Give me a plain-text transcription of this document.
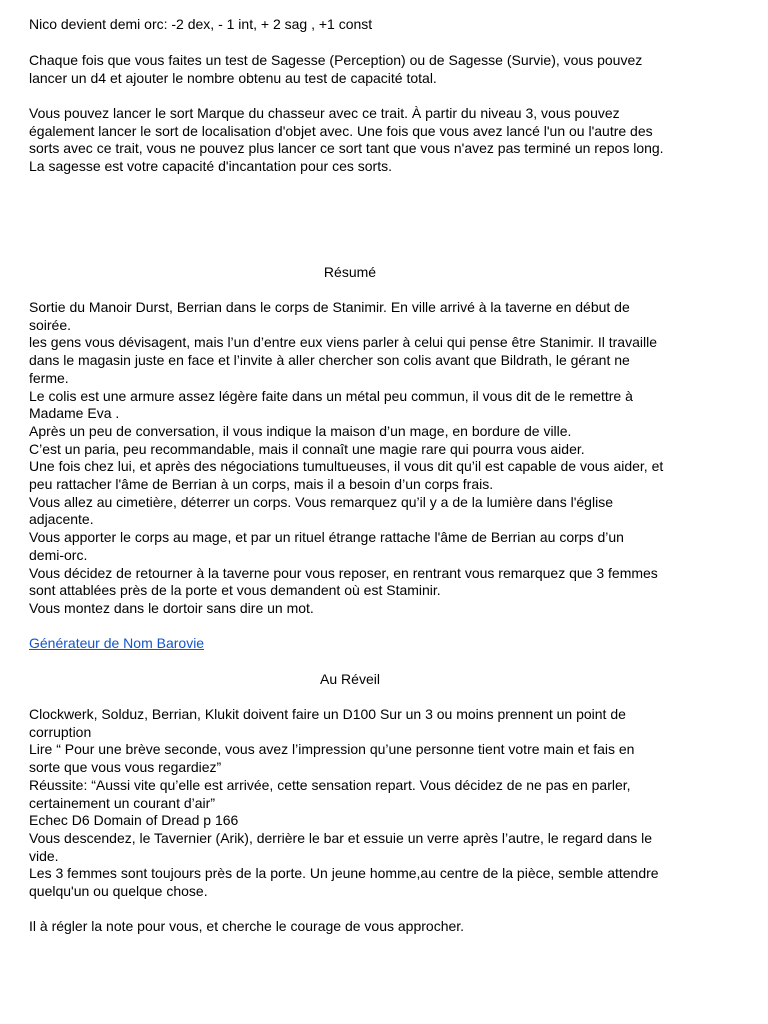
Nico devient demi orc: -2 dex, - 1 int, + 2 sag , +1 const
Chaque fois que vous faites un test de Sagesse (Perception) ou de Sagesse (Survie), vous pouvez
lancer un d4 et ajouter le nombre obtenu au test de capacité total.
Vous pouvez lancer le sort Marque du chasseur avec ce trait. À partir du niveau 3, vous pouvez
également lancer le sort de localisation d'objet avec. Une fois que vous avez lancé l'un ou l'autre des
sorts avec ce trait, vous ne pouvez plus lancer ce sort tant que vous n'avez pas terminé un repos long.
La sagesse est votre capacité d'incantation pour ces sorts.
Résumé
Sortie du Manoir Durst, Berrian dans le corps de Stanimir. En ville arrivé à la taverne en début de
soirée.
les gens vous dévisagent, mais l’un d’entre eux viens parler à celui qui pense être Stanimir. Il travaille
dans le magasin juste en face et l’invite à aller chercher son colis avant que Bildrath, le gérant ne
ferme.
Le colis est une armure assez légère faite dans un métal peu commun, il vous dit de le remettre à
Madame Eva .
Après un peu de conversation, il vous indique la maison d’un mage, en bordure de ville.
C’est un paria, peu recommandable, mais il connaît une magie rare qui pourra vous aider.
Une fois chez lui, et après des négociations tumultueuses, il vous dit qu’il est capable de vous aider, et
peu rattacher l'âme de Berrian à un corps, mais il a besoin d’un corps frais.
Vous allez au cimetière, déterrer un corps. Vous remarquez qu’il y a de la lumière dans l'église
adjacente.
Vous apporter le corps au mage, et par un rituel étrange rattache l'âme de Berrian au corps d’un
demi-orc.
Vous décidez de retourner à la taverne pour vous reposer, en rentrant vous remarquez que 3 femmes
sont attablées près de la porte et vous demandent où est Staminir.
Vous montez dans le dortoir sans dire un mot.
Générateur de Nom Barovie
Au Réveil
Clockwerk, Solduz, Berrian, Klukit doivent faire un D100 Sur un 3 ou moins prennent un point de
corruption
Lire “ Pour une brève seconde, vous avez l’impression qu’une personne tient votre main et fais en
sorte que vous vous regardiez”
Réussite: “Aussi vite qu’elle est arrivée, cette sensation repart. Vous décidez de ne pas en parler,
certainement un courant d’air”
Echec D6 Domain of Dread p 166
Vous descendez, le Tavernier (Arik), derrière le bar et essuie un verre après l’autre, le regard dans le
vide.
Les 3 femmes sont toujours près de la porte. Un jeune homme,au centre de la pièce, semble attendre
quelqu'un ou quelque chose.
Il à régler la note pour vous, et cherche le courage de vous approcher.
